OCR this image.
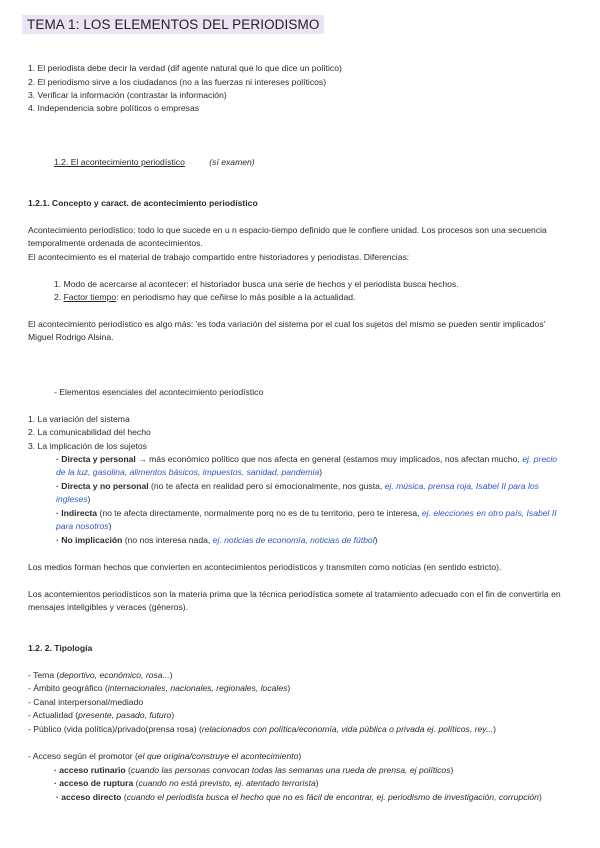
TEMA 1: LOS ELEMENTOS DEL PERIODISMO
1. El periodista debe decir la verdad (dif agente natural que lo que dice un político)
2. El periodismo sirve a los ciudadanos (no a las fuerzas ni intereses políticos)
3. Verificar la información (contrastar la información)
4. Independencia sobre políticos o empresas
1.2. El acontecimiento periodístico	(sí examen)
1.2.1. Concepto y caract. de acontecimiento periodístico
Acontecimiento periodístico: todo lo que sucede en u n espacio-tiempo definido que le confiere unidad. Los procesos son una secuencia temporalmente ordenada de acontecimientos.
El acontecimiento es el material de trabajo compartido entre historiadores y periodistas. Diferencias:
1. Modo de acercarse al acontecer: el historiador busca una serie de hechos y el periodista busca hechos.
2. Factor tiempo: en periodismo hay que ceñirse lo más posible a la actualidad.
El acontecimiento periodístico es algo más: 'es toda variación del sistema por el cual los sujetos del mismo se pueden sentir implicados' Miguel Rodrigo Alsina.
- Elementos esenciales del acontecimiento periodístico
1. La variación del sistema
2. La comunicabilidad del hecho
3. La implicación de los sujetos
· Directa y personal → más económico político que nos afecta en general (estamos muy implicados, nos afectan mucho, ej. precio de la luz, gasolina, alimentos básicos, impuestos, sanidad, pandemia)
· Directa y no personal (no te afecta en realidad pero sí emocionalmente, nos gusta, ej. música, prensa roja, Isabel II para los ingleses)
· Indirecta (no te afecta directamente, normalmente porq no es de tu territorio, pero te interesa, ej. elecciones en otro país, Isabel II para nosotros)
· No implicación (no nos interesa nada, ej. noticias de economía, noticias de fútbol)
Los medios forman hechos que convierten en acontecimientos periodísticos y transmiten como noticias (en sentido estricto).
Los acontemientos periodísticos son la materia prima que la técnica periodística somete al tratamiento adecuado con el fin de convertirla en mensajes inteligibles y veraces (géneros).
1.2. 2. Tipología
- Tema (deportivo, económico, rosa...)
- Ámbito geográfico (internacionales, nacionales, regionales, locales)
- Canal interpersonal/mediado
- Actualidad (presente, pasado, futuro)
- Público (vida política)/privado(prensa rosa) (relacionados con política/economía, vida pública o privada ej. políticos, rey...)
- Acceso según el promotor (el que origina/construye el acontecimiento)
· acceso rutinario (cuando las personas convocan todas las semanas una rueda de prensa, ej políticos)
· acceso de ruptura (cuando no está previsto, ej. atentado terrorista)
· acceso directo (cuando el periodista busca el hecho que no es fácil de encontrar, ej. periodismo de investigación, corrupción)
